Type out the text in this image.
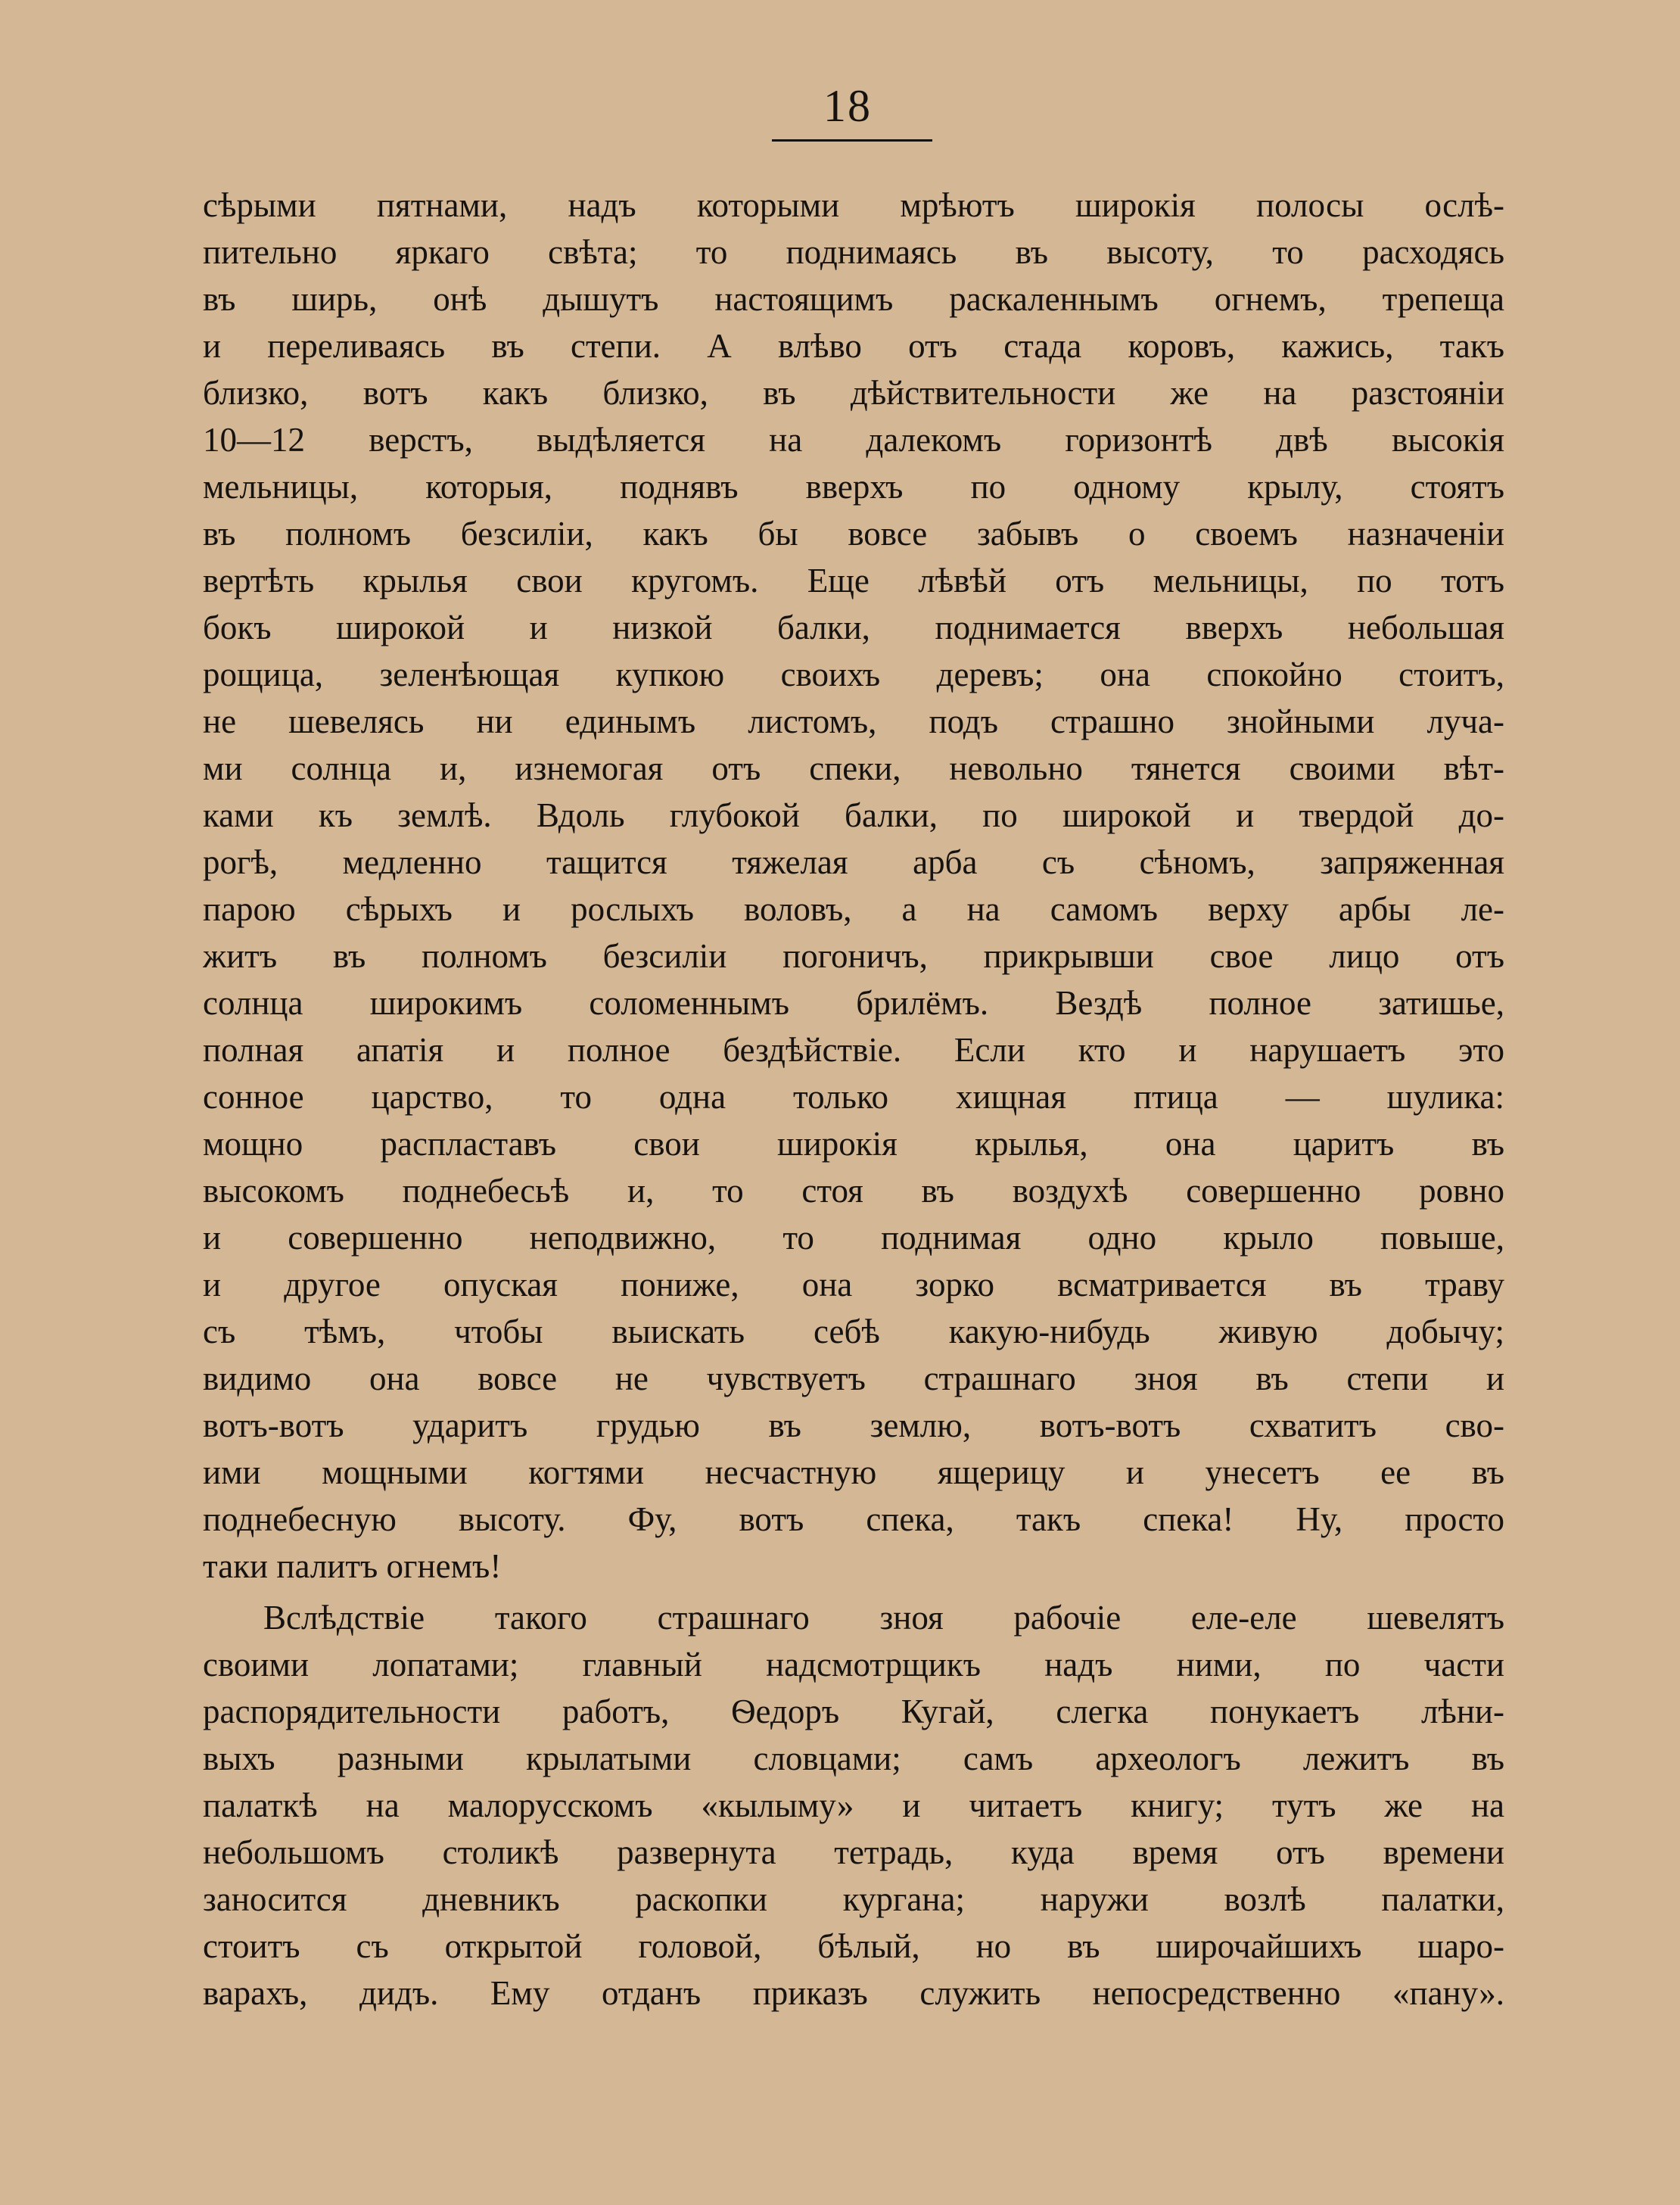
18
сѣрыми пятнами, надъ которыми мрѣютъ широкія полосы ослѣ-
пительно яркаго свѣта; то поднимаясь въ высоту, то расходясь
въ ширь, онѣ дышутъ настоящимъ раскаленнымъ огнемъ, трепеща
и переливаясь въ степи. А влѣво отъ стада коровъ, кажись, такъ
близко, вотъ какъ близко, въ дѣйствительности же на разстояніи
10—12 верстъ, выдѣляется на далекомъ горизонтѣ двѣ высокія
мельницы, которыя, поднявъ вверхъ по одному крылу, стоятъ
въ полномъ безсиліи, какъ бы вовсе забывъ о своемъ назначеніи
вертѣть крылья свои кругомъ. Еще лѣвѣй отъ мельницы, по тотъ
бокъ широкой и низкой балки, поднимается вверхъ небольшая
рощица, зеленѣющая купкою своихъ деревъ; она спокойно стоитъ,
не шевелясь ни единымъ листомъ, подъ страшно знойными луча-
ми солнца и, изнемогая отъ спеки, невольно тянется своими вѣт-
ками къ землѣ. Вдоль глубокой балки, по широкой и твердой до-
рогѣ, медленно тащится тяжелая арба съ сѣномъ, запряженная
парою сѣрыхъ и рослыхъ воловъ, а на самомъ верху арбы ле-
житъ въ полномъ безсиліи погоничъ, прикрывши свое лицо отъ
солнца широкимъ соломеннымъ брилёмъ. Вездѣ полное затишье,
полная апатія и полное бездѣйствіе. Если кто и нарушаетъ это
сонное царство, то одна только хищная птица — шулика:
мощно распластавъ свои широкія крылья, она царитъ въ
высокомъ поднебесьѣ и, то стоя въ воздухѣ совершенно ровно
и совершенно неподвижно, то поднимая одно крыло повыше,
и другое опуская пониже, она зорко всматривается въ траву
съ тѣмъ, чтобы выискать себѣ какую-нибудь живую добычу;
видимо она вовсе не чувствуетъ страшнаго зноя въ степи и
вотъ-вотъ ударитъ грудью въ землю, вотъ-вотъ схватитъ сво-
ими мощными когтями несчастную ящерицу и унесетъ ее въ
поднебесную высоту. Фу, вотъ спека, такъ спека! Ну, просто
таки палитъ огнемъ!
Вслѣдствіе такого страшнаго зноя рабочіе еле-еле шевелятъ
своими лопатами; главный надсмотрщикъ надъ ними, по части
распорядительности работъ, Ѳедоръ Кугай, слегка понукаетъ лѣни-
выхъ разными крылатыми словцами; самъ археологъ лежитъ въ
палаткѣ на малорусскомъ «кылыму» и читаетъ книгу; тутъ же на
небольшомъ столикѣ развернута тетрадь, куда время отъ времени
заносится дневникъ раскопки кургана; наружи возлѣ палатки,
стоитъ съ открытой головой, бѣлый, но въ широчайшихъ шаро-
варахъ, дидъ. Ему отданъ приказъ служить непосредственно «пану».
